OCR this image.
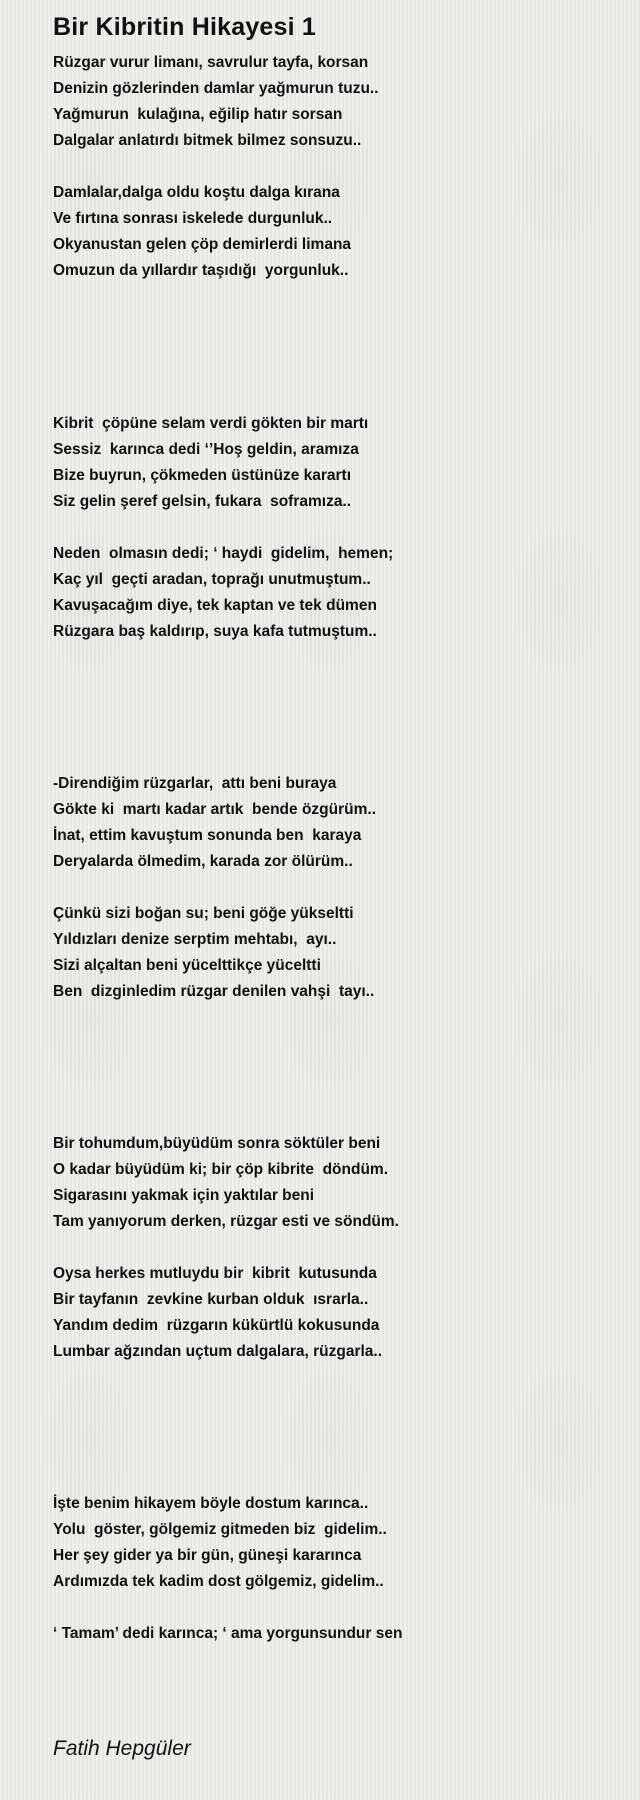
Bir Kibritin Hikayesi 1
Rüzgar vurur limanı, savrulur tayfa, korsan
Denizin gözlerinden damlar yağmurun tuzu..
Yağmurun  kulağına, eğilip hatır sorsan
Dalgalar anlatırdı bitmek bilmez sonsuzu..
Damlalar,dalga oldu koştu dalga kırana
Ve fırtına sonrası iskelede durgunluk..
Okyanustan gelen çöp demirlerdi limana
Omuzun da yıllardır taşıdığı  yorgunluk..
Kibrit  çöpüne selam verdi gökten bir martı
Sessiz  karınca dedi ‘’Hoş geldin, aramıza
Bize buyrun, çökmeden üstünüze karartı
Siz gelin şeref gelsin, fukara  soframıza..
Neden  olmasın dedi; ‘ haydi  gidelim,  hemen;
Kaç yıl  geçti aradan, toprağı unutmuştum..
Kavuşacağım diye, tek kaptan ve tek dümen
Rüzgara baş kaldırıp, suya kafa tutmuştum..
-Direndiğim rüzgarlar,  attı beni buraya
Gökte ki  martı kadar artık  bende özgürüm..
İnat, ettim kavuştum sonunda ben  karaya
Deryalarda ölmedim, karada zor ölürüm..
Çünkü sizi boğan su; beni göğe yükseltti
Yıldızları denize serptim mehtabı,  ayı..
Sizi alçaltan beni yücelttikçe yüceltti
Ben  dizginledim rüzgar denilen vahşi  tayı..
Bir tohumdum,büyüdüm sonra söktüler beni
O kadar büyüdüm ki; bir çöp kibrite  döndüm.
Sigarasını yakmak için yaktılar beni
Tam yanıyorum derken, rüzgar esti ve söndüm.
Oysa herkes mutluydu bir  kibrit  kutusunda
Bir tayfanın  zevkine kurban olduk  ısrarla..
Yandım dedim  rüzgarın kükürtlü kokusunda
Lumbar ağzından uçtum dalgalara, rüzgarla..
İşte benim hikayem böyle dostum karınca..
Yolu  göster, gölgemiz gitmeden biz  gidelim..
Her şey gider ya bir gün, güneşi kararınca
Ardımızda tek kadim dost gölgemiz, gidelim..
‘ Tamam’ dedi karınca; ‘ ama yorgunsundur sen
Fatih Hepgüler
